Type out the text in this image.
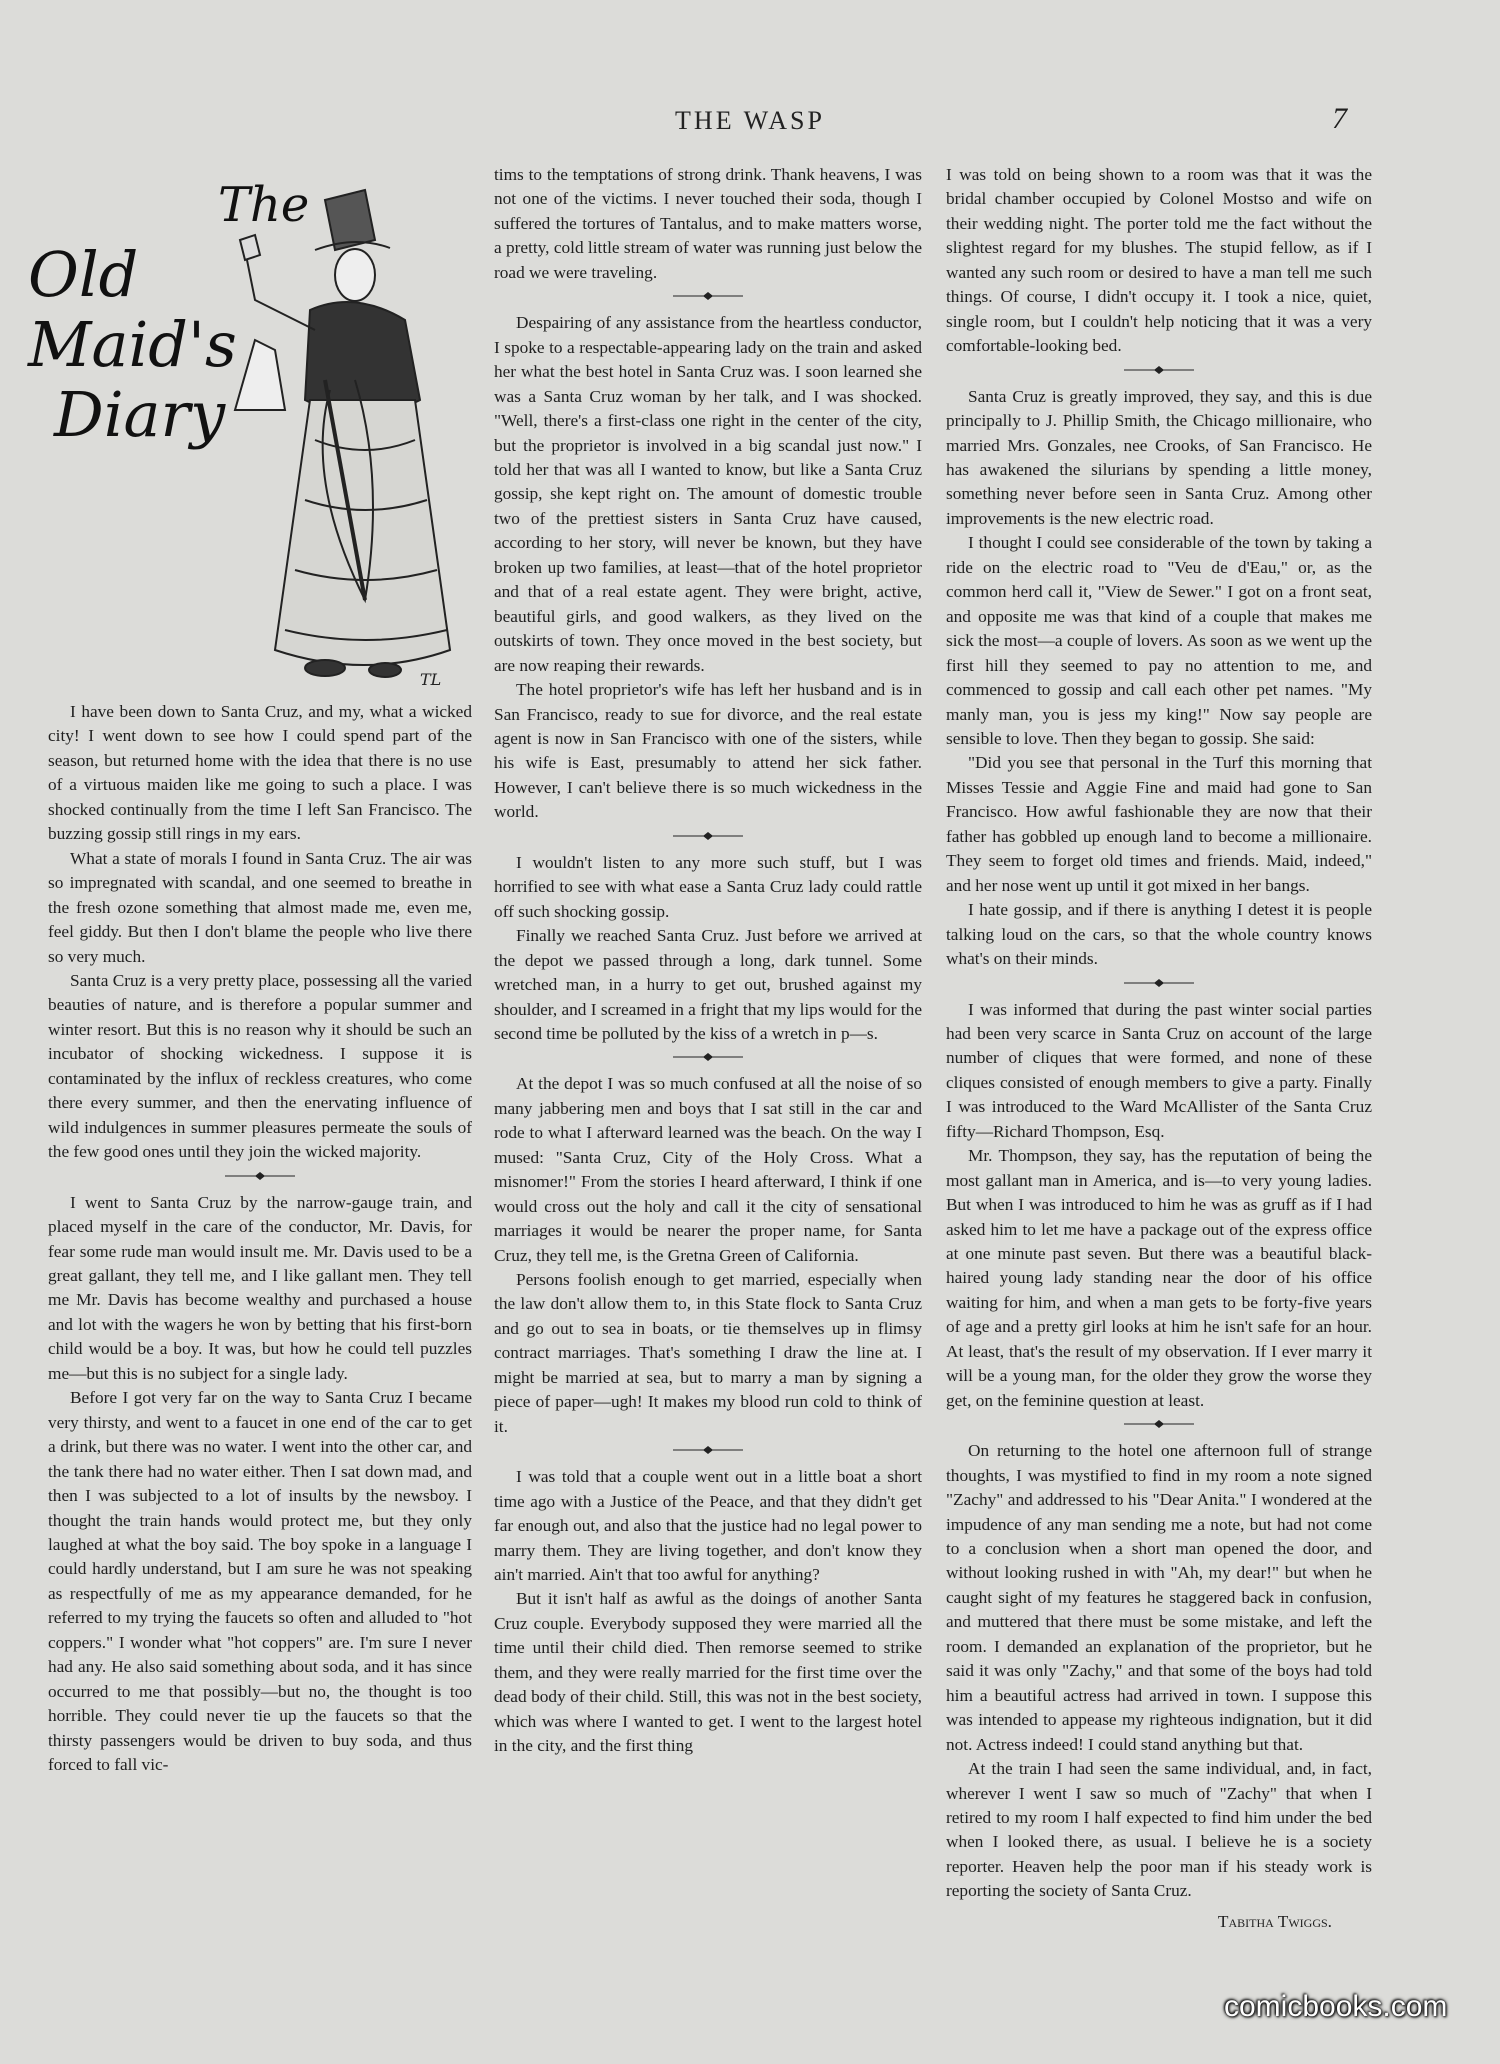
THE WASP	7
The
Old Maid's
Diary
TL

I have been down to Santa Cruz, and my, what a wicked city! I went down to see how I could spend part of the season, but returned home with the idea that there is no use of a virtuous maiden like me going to such a place. I was shocked continually from the time I left San Francisco. The buzzing gossip still rings in my ears.

What a state of morals I found in Santa Cruz. The air was so impregnated with scandal, and one seemed to breathe in the fresh ozone something that almost made me, even me, feel giddy. But then I don't blame the people who live there so very much.

Santa Cruz is a very pretty place, possessing all the varied beauties of nature, and is therefore a popular summer and winter resort. But this is no reason why it should be such an incubator of shocking wickedness. I suppose it is contaminated by the influx of reckless creatures, who come there every summer, and then the enervating influence of wild indulgences in summer pleasures permeate the souls of the few good ones until they join the wicked majority.

I went to Santa Cruz by the narrow-gauge train, and placed myself in the care of the conductor, Mr. Davis, for fear some rude man would insult me. Mr. Davis used to be a great gallant, they tell me, and I like gallant men. They tell me Mr. Davis has become wealthy and purchased a house and lot with the wagers he won by betting that his first-born child would be a boy. It was, but how he could tell puzzles me—but this is no subject for a single lady.

Before I got very far on the way to Santa Cruz I became very thirsty, and went to a faucet in one end of the car to get a drink, but there was no water. I went into the other car, and the tank there had no water either. Then I sat down mad, and then I was subjected to a lot of insults by the newsboy. I thought the train hands would protect me, but they only laughed at what the boy said. The boy spoke in a language I could hardly understand, but I am sure he was not speaking as respectfully of me as my appearance demanded, for he referred to my trying the faucets so often and alluded to "hot coppers." I wonder what "hot coppers" are. I'm sure I never had any. He also said something about soda, and it has since occurred to me that possibly—but no, the thought is too horrible. They could never tie up the faucets so that the thirsty passengers would be driven to buy soda, and thus forced to fall vic-

tims to the temptations of strong drink. Thank heavens, I was not one of the victims. I never touched their soda, though I suffered the tortures of Tantalus, and to make matters worse, a pretty, cold little stream of water was running just below the road we were traveling.

Despairing of any assistance from the heartless conductor, I spoke to a respectable-appearing lady on the train and asked her what the best hotel in Santa Cruz was. I soon learned she was a Santa Cruz woman by her talk, and I was shocked. "Well, there's a first-class one right in the center of the city, but the proprietor is involved in a big scandal just now." I told her that was all I wanted to know, but like a Santa Cruz gossip, she kept right on. The amount of domestic trouble two of the prettiest sisters in Santa Cruz have caused, according to her story, will never be known, but they have broken up two families, at least—that of the hotel proprietor and that of a real estate agent. They were bright, active, beautiful girls, and good walkers, as they lived on the outskirts of town. They once moved in the best society, but are now reaping their rewards.

The hotel proprietor's wife has left her husband and is in San Francisco, ready to sue for divorce, and the real estate agent is now in San Francisco with one of the sisters, while his wife is East, presumably to attend her sick father. However, I can't believe there is so much wickedness in the world.

I wouldn't listen to any more such stuff, but I was horrified to see with what ease a Santa Cruz lady could rattle off such shocking gossip.

Finally we reached Santa Cruz. Just before we arrived at the depot we passed through a long, dark tunnel. Some wretched man, in a hurry to get out, brushed against my shoulder, and I screamed in a fright that my lips would for the second time be polluted by the kiss of a wretch in p—s.

At the depot I was so much confused at all the noise of so many jabbering men and boys that I sat still in the car and rode to what I afterward learned was the beach. On the way I mused: "Santa Cruz, City of the Holy Cross. What a misnomer!" From the stories I heard afterward, I think if one would cross out the holy and call it the city of sensational marriages it would be nearer the proper name, for Santa Cruz, they tell me, is the Gretna Green of California.

Persons foolish enough to get married, especially when the law don't allow them to, in this State flock to Santa Cruz and go out to sea in boats, or tie themselves up in flimsy contract marriages. That's something I draw the line at. I might be married at sea, but to marry a man by signing a piece of paper—ugh! It makes my blood run cold to think of it.

I was told that a couple went out in a little boat a short time ago with a Justice of the Peace, and that they didn't get far enough out, and also that the justice had no legal power to marry them. They are living together, and don't know they ain't married. Ain't that too awful for anything?

But it isn't half as awful as the doings of another Santa Cruz couple. Everybody supposed they were married all the time until their child died. Then remorse seemed to strike them, and they were really married for the first time over the dead body of their child. Still, this was not in the best society, which was where I wanted to get. I went to the largest hotel in the city, and the first thing

I was told on being shown to a room was that it was the bridal chamber occupied by Colonel Mostso and wife on their wedding night. The porter told me the fact without the slightest regard for my blushes. The stupid fellow, as if I wanted any such room or desired to have a man tell me such things. Of course, I didn't occupy it. I took a nice, quiet, single room, but I couldn't help noticing that it was a very comfortable-looking bed.

Santa Cruz is greatly improved, they say, and this is due principally to J. Phillip Smith, the Chicago millionaire, who married Mrs. Gonzales, nee Crooks, of San Francisco. He has awakened the silurians by spending a little money, something never before seen in Santa Cruz. Among other improvements is the new electric road.

I thought I could see considerable of the town by taking a ride on the electric road to "Veu de d'Eau," or, as the common herd call it, "View de Sewer." I got on a front seat, and opposite me was that kind of a couple that makes me sick the most—a couple of lovers. As soon as we went up the first hill they seemed to pay no attention to me, and commenced to gossip and call each other pet names. "My manly man, you is jess my king!" Now say people are sensible to love. Then they began to gossip. She said:

"Did you see that personal in the Turf this morning that Misses Tessie and Aggie Fine and maid had gone to San Francisco. How awful fashionable they are now that their father has gobbled up enough land to become a millionaire. They seem to forget old times and friends. Maid, indeed," and her nose went up until it got mixed in her bangs.

I hate gossip, and if there is anything I detest it is people talking loud on the cars, so that the whole country knows what's on their minds.

I was informed that during the past winter social parties had been very scarce in Santa Cruz on account of the large number of cliques that were formed, and none of these cliques consisted of enough members to give a party. Finally I was introduced to the Ward McAllister of the Santa Cruz fifty—Richard Thompson, Esq.

Mr. Thompson, they say, has the reputation of being the most gallant man in America, and is—to very young ladies. But when I was introduced to him he was as gruff as if I had asked him to let me have a package out of the express office at one minute past seven. But there was a beautiful black-haired young lady standing near the door of his office waiting for him, and when a man gets to be forty-five years of age and a pretty girl looks at him he isn't safe for an hour. At least, that's the result of my observation. If I ever marry it will be a young man, for the older they grow the worse they get, on the feminine question at least.

On returning to the hotel one afternoon full of strange thoughts, I was mystified to find in my room a note signed "Zachy" and addressed to his "Dear Anita." I wondered at the impudence of any man sending me a note, but had not come to a conclusion when a short man opened the door, and without looking rushed in with "Ah, my dear!" but when he caught sight of my features he staggered back in confusion, and muttered that there must be some mistake, and left the room. I demanded an explanation of the proprietor, but he said it was only "Zachy," and that some of the boys had told him a beautiful actress had arrived in town. I suppose this was intended to appease my righteous indignation, but it did not. Actress indeed! I could stand anything but that.

At the train I had seen the same individual, and, in fact, wherever I went I saw so much of "Zachy" that when I retired to my room I half expected to find him under the bed when I looked there, as usual. I believe he is a society reporter. Heaven help the poor man if his steady work is reporting the society of Santa Cruz.

Tabitha Twiggs.
comicbooks.com
